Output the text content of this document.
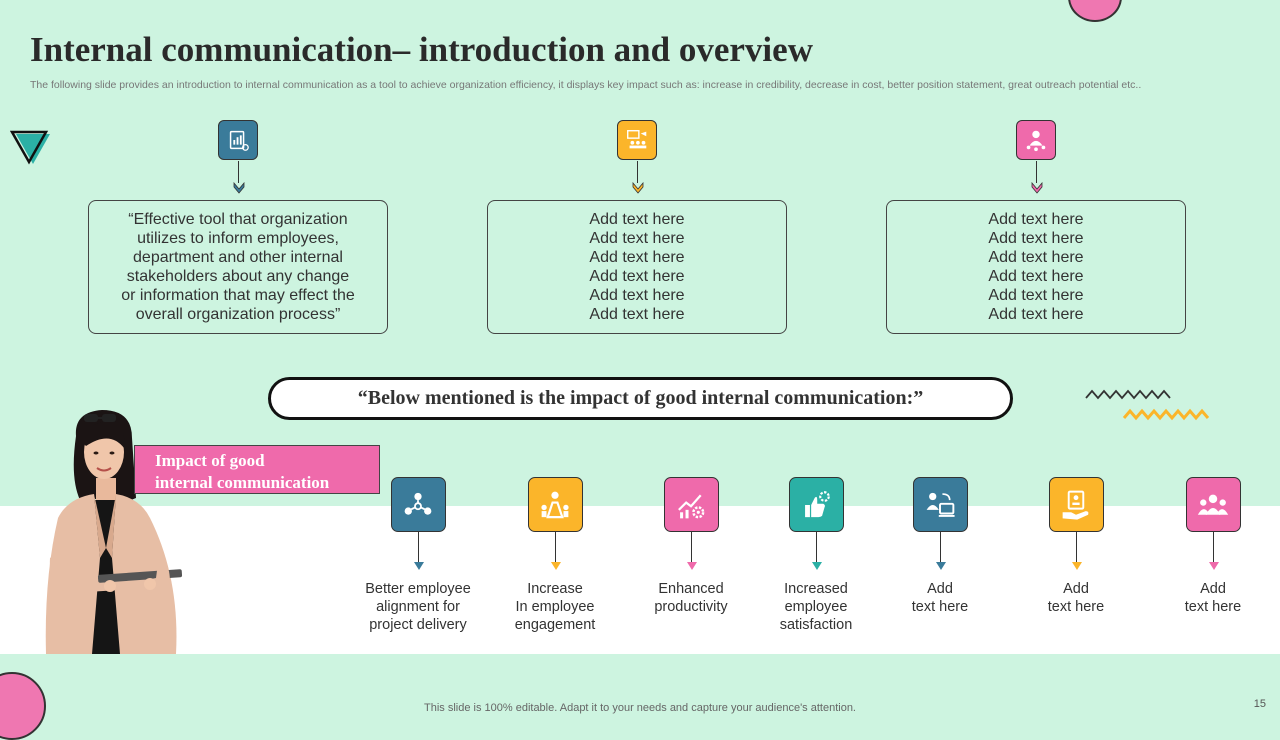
Internal communication– introduction and overview
The following slide provides an introduction to internal communication as a tool to achieve organization efficiency, it displays key impact such as: increase in credibility, decrease in cost, better position statement, great outreach potential etc..
“Effective tool that organization
utilizes to inform employees,
department and other internal
stakeholders about any change
or information that may effect the
overall organization process”
Add text here
Add text here
Add text here
Add text here
Add text here
Add text here
Add text here
Add text here
Add text here
Add text here
Add text here
Add text here
“Below mentioned is the impact of good internal communication:”
Impact of good
internal communication
Better employee
alignment for
project delivery
Increase
In employee
engagement
Enhanced
productivity
Increased
employee
satisfaction
Add
text here
Add
text here
Add
text here
This slide is 100% editable. Adapt it to your needs and capture your audience's attention.	15
